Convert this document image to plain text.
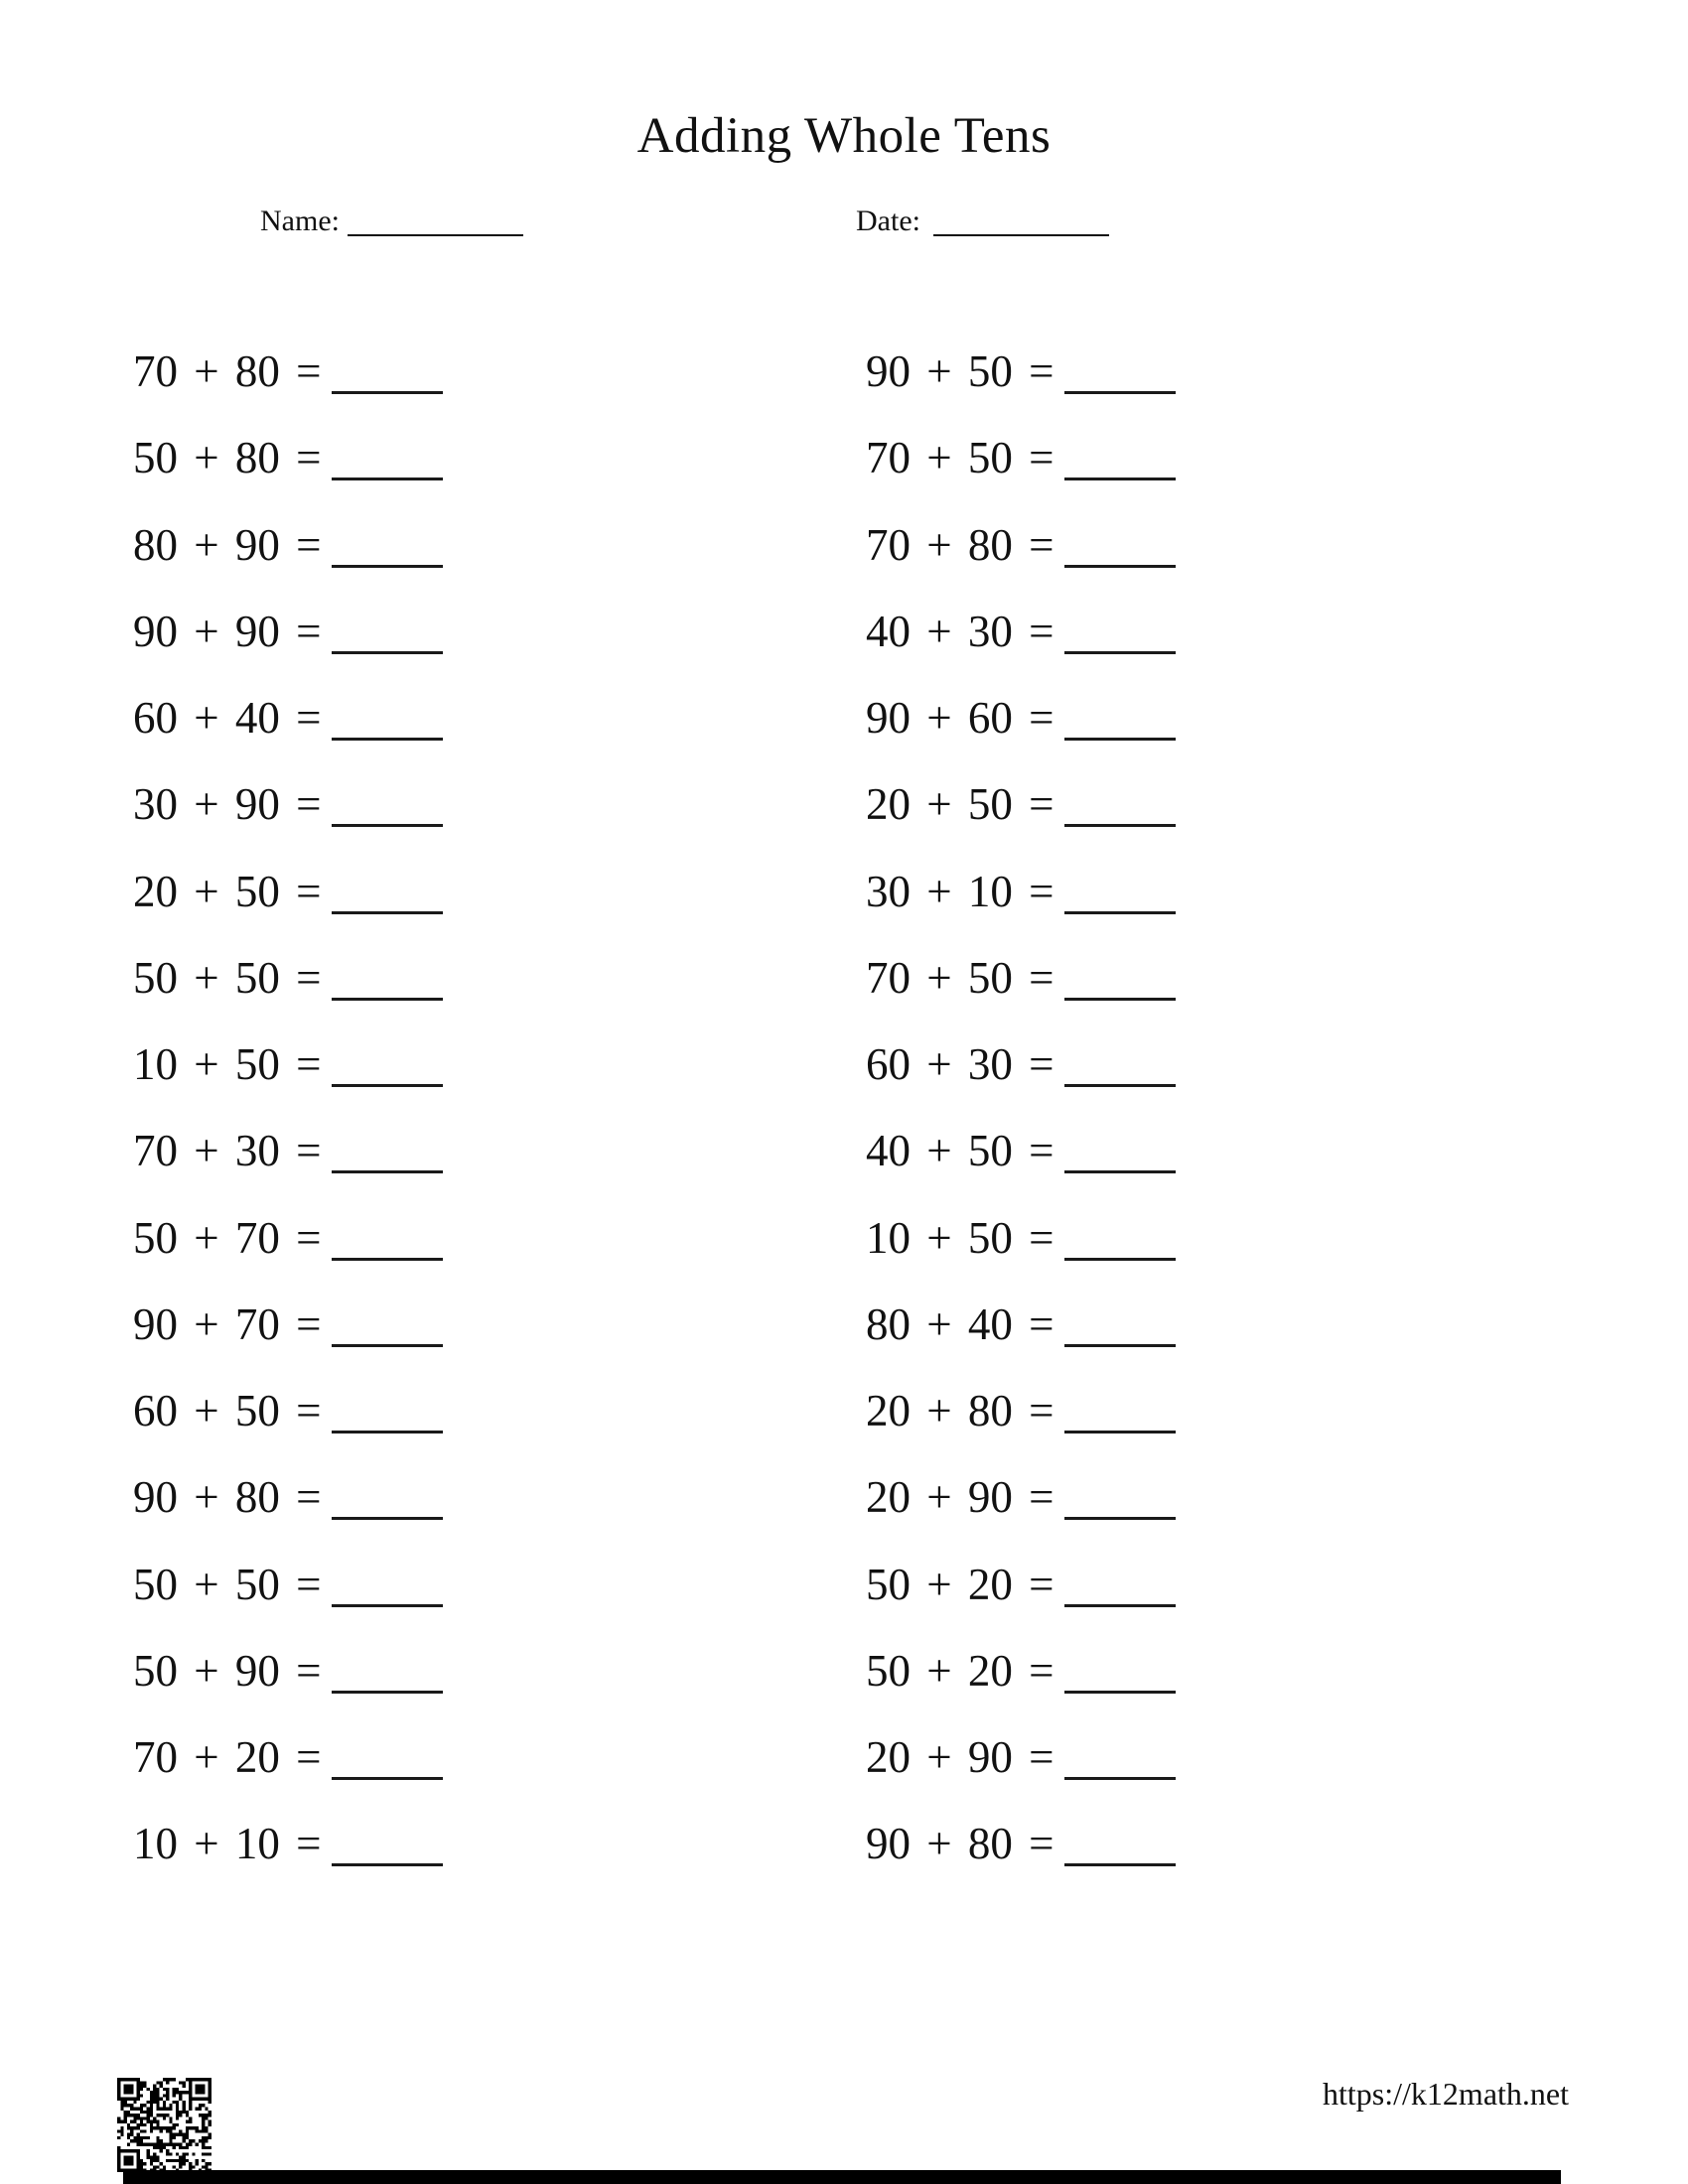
Adding Whole Tens
Name:	Date:
70 + 80 =
50 + 80 =
80 + 90 =
90 + 90 =
60 + 40 =
30 + 90 =
20 + 50 =
50 + 50 =
10 + 50 =
70 + 30 =
50 + 70 =
90 + 70 =
60 + 50 =
90 + 80 =
50 + 50 =
50 + 90 =
70 + 20 =
10 + 10 =
90 + 50 =
70 + 50 =
70 + 80 =
40 + 30 =
90 + 60 =
20 + 50 =
30 + 10 =
70 + 50 =
60 + 30 =
40 + 50 =
10 + 50 =
80 + 40 =
20 + 80 =
20 + 90 =
50 + 20 =
50 + 20 =
20 + 90 =
90 + 80 =
https://k12math.net
